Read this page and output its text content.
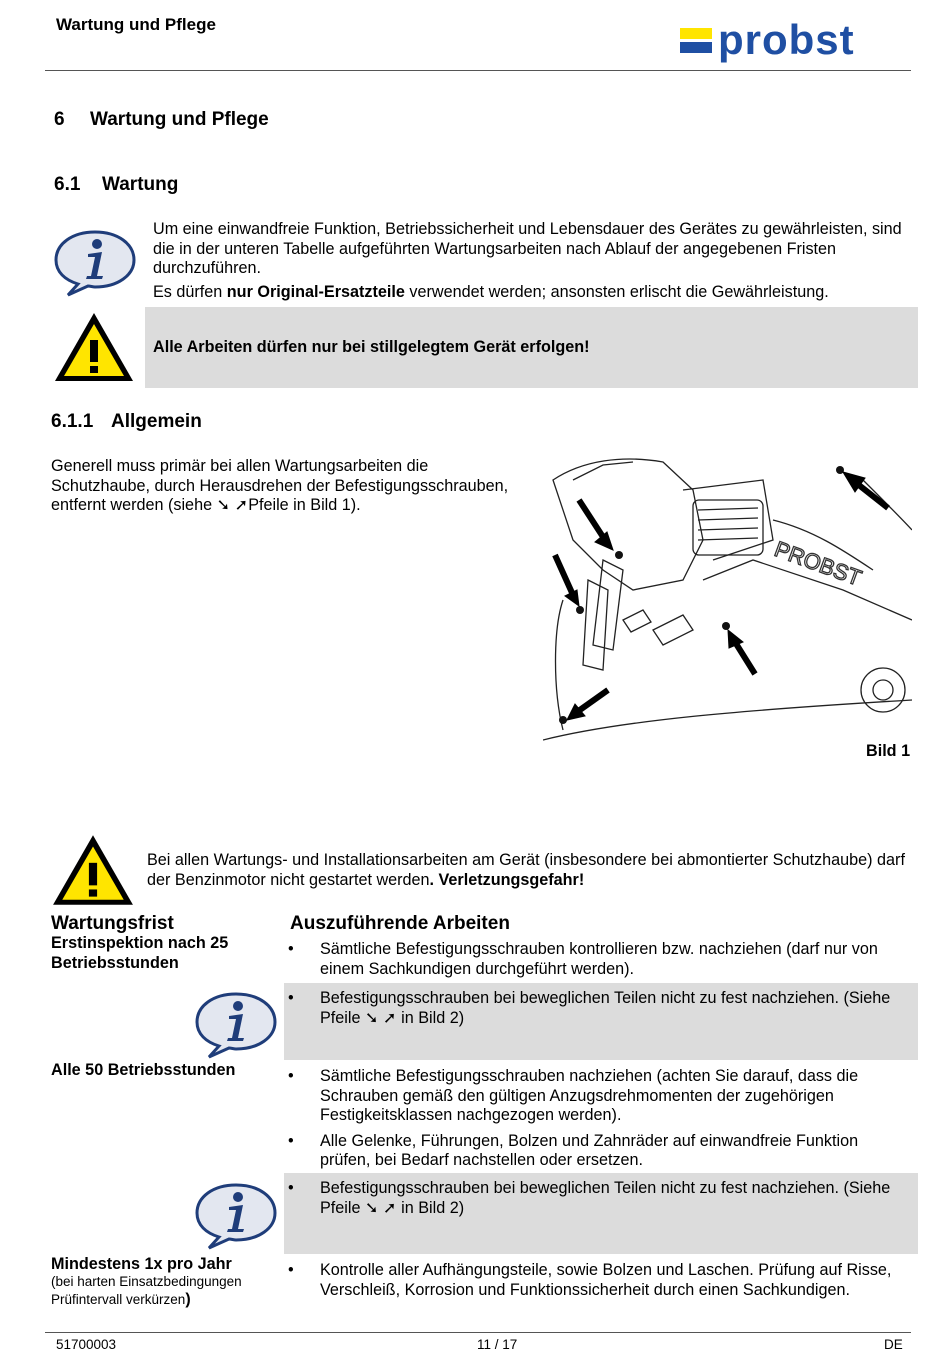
Wartung und Pflege	probst
6 Wartung und Pflege
6.1 Wartung
Um eine einwandfreie Funktion, Betriebssicherheit und Lebensdauer des Gerätes zu gewährleisten, sind die in der unteren Tabelle aufgeführten Wartungsarbeiten nach Ablauf der angegebenen Fristen durchzuführen.
Es dürfen nur Original-Ersatzteile verwendet werden; ansonsten erlischt die Gewährleistung.
Alle Arbeiten dürfen nur bei stillgelegtem Gerät erfolgen!
6.1.1 Allgemein
Generell muss primär bei allen Wartungsarbeiten die Schutzhaube, durch Herausdrehen der Befestigungsschrauben, entfernt werden (siehe ➘ ➚Pfeile in Bild 1).
PROBST
Bild 1
Bei allen Wartungs- und Installationsarbeiten am Gerät (insbesondere bei abmontierter Schutzhaube) darf der Benzinmotor nicht gestartet werden. Verletzungsgefahr!
Wartungsfrist	Auszuführende Arbeiten
Erstinspektion nach 25 Betriebsstunden
• Sämtliche Befestigungsschrauben kontrollieren bzw. nachziehen (darf nur von einem Sachkundigen durchgeführt werden).
• Befestigungsschrauben bei beweglichen Teilen nicht zu fest nachziehen. (Siehe Pfeile ➘ ➚ in Bild 2)
Alle 50 Betriebsstunden
•	Sämtliche Befestigungsschrauben nachziehen (achten Sie darauf, dass die Schrauben gemäß den gültigen Anzugsdrehmomenten der zugehörigen Festigkeitsklassen nachgezogen werden).
• Alle Gelenke, Führungen, Bolzen und Zahnräder auf einwandfreie Funktion prüfen, bei Bedarf nachstellen oder ersetzen.
• Befestigungsschrauben bei beweglichen Teilen nicht zu fest nachziehen. (Siehe Pfeile ➘ ➚ in Bild 2)
Mindestens 1x pro Jahr
(bei harten Einsatzbedingungen Prüfintervall verkürzen)
• Kontrolle aller Aufhängungsteile, sowie Bolzen und Laschen. Prüfung auf Risse, Verschleiß, Korrosion und Funktionssicherheit durch einen Sachkundigen.
51700003	11 / 17	DE
